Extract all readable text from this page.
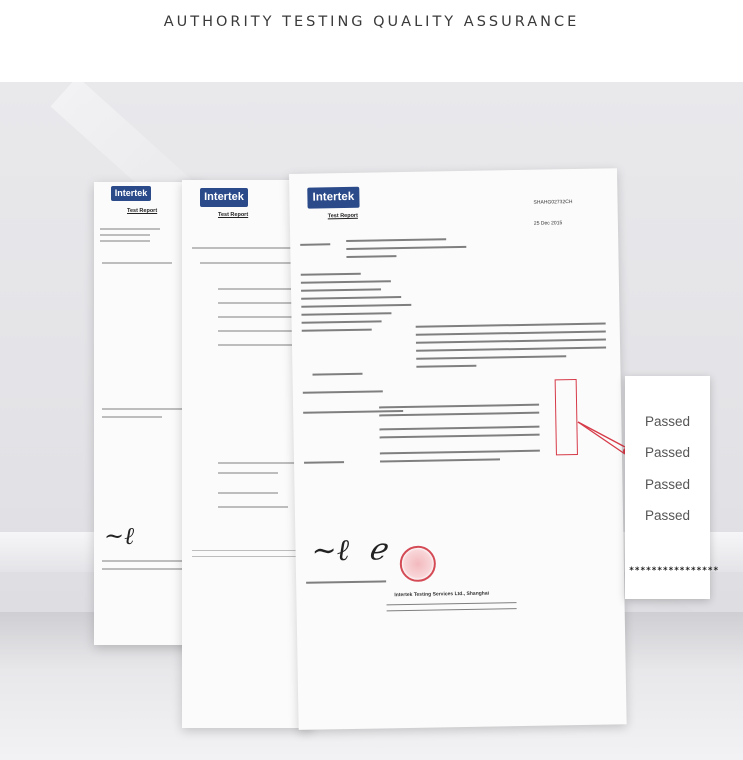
AUTHORITY TESTING QUALITY ASSURANCE
Intertek
Test Report
~ℓ
Intertek
Test Report
Intertek
Test Report
SHAHG02732CH
25 Dec 2015
~ℓ  ℯ
Intertek Testing Services Ltd., Shanghai
Passed
Passed
Passed
Passed
****************
